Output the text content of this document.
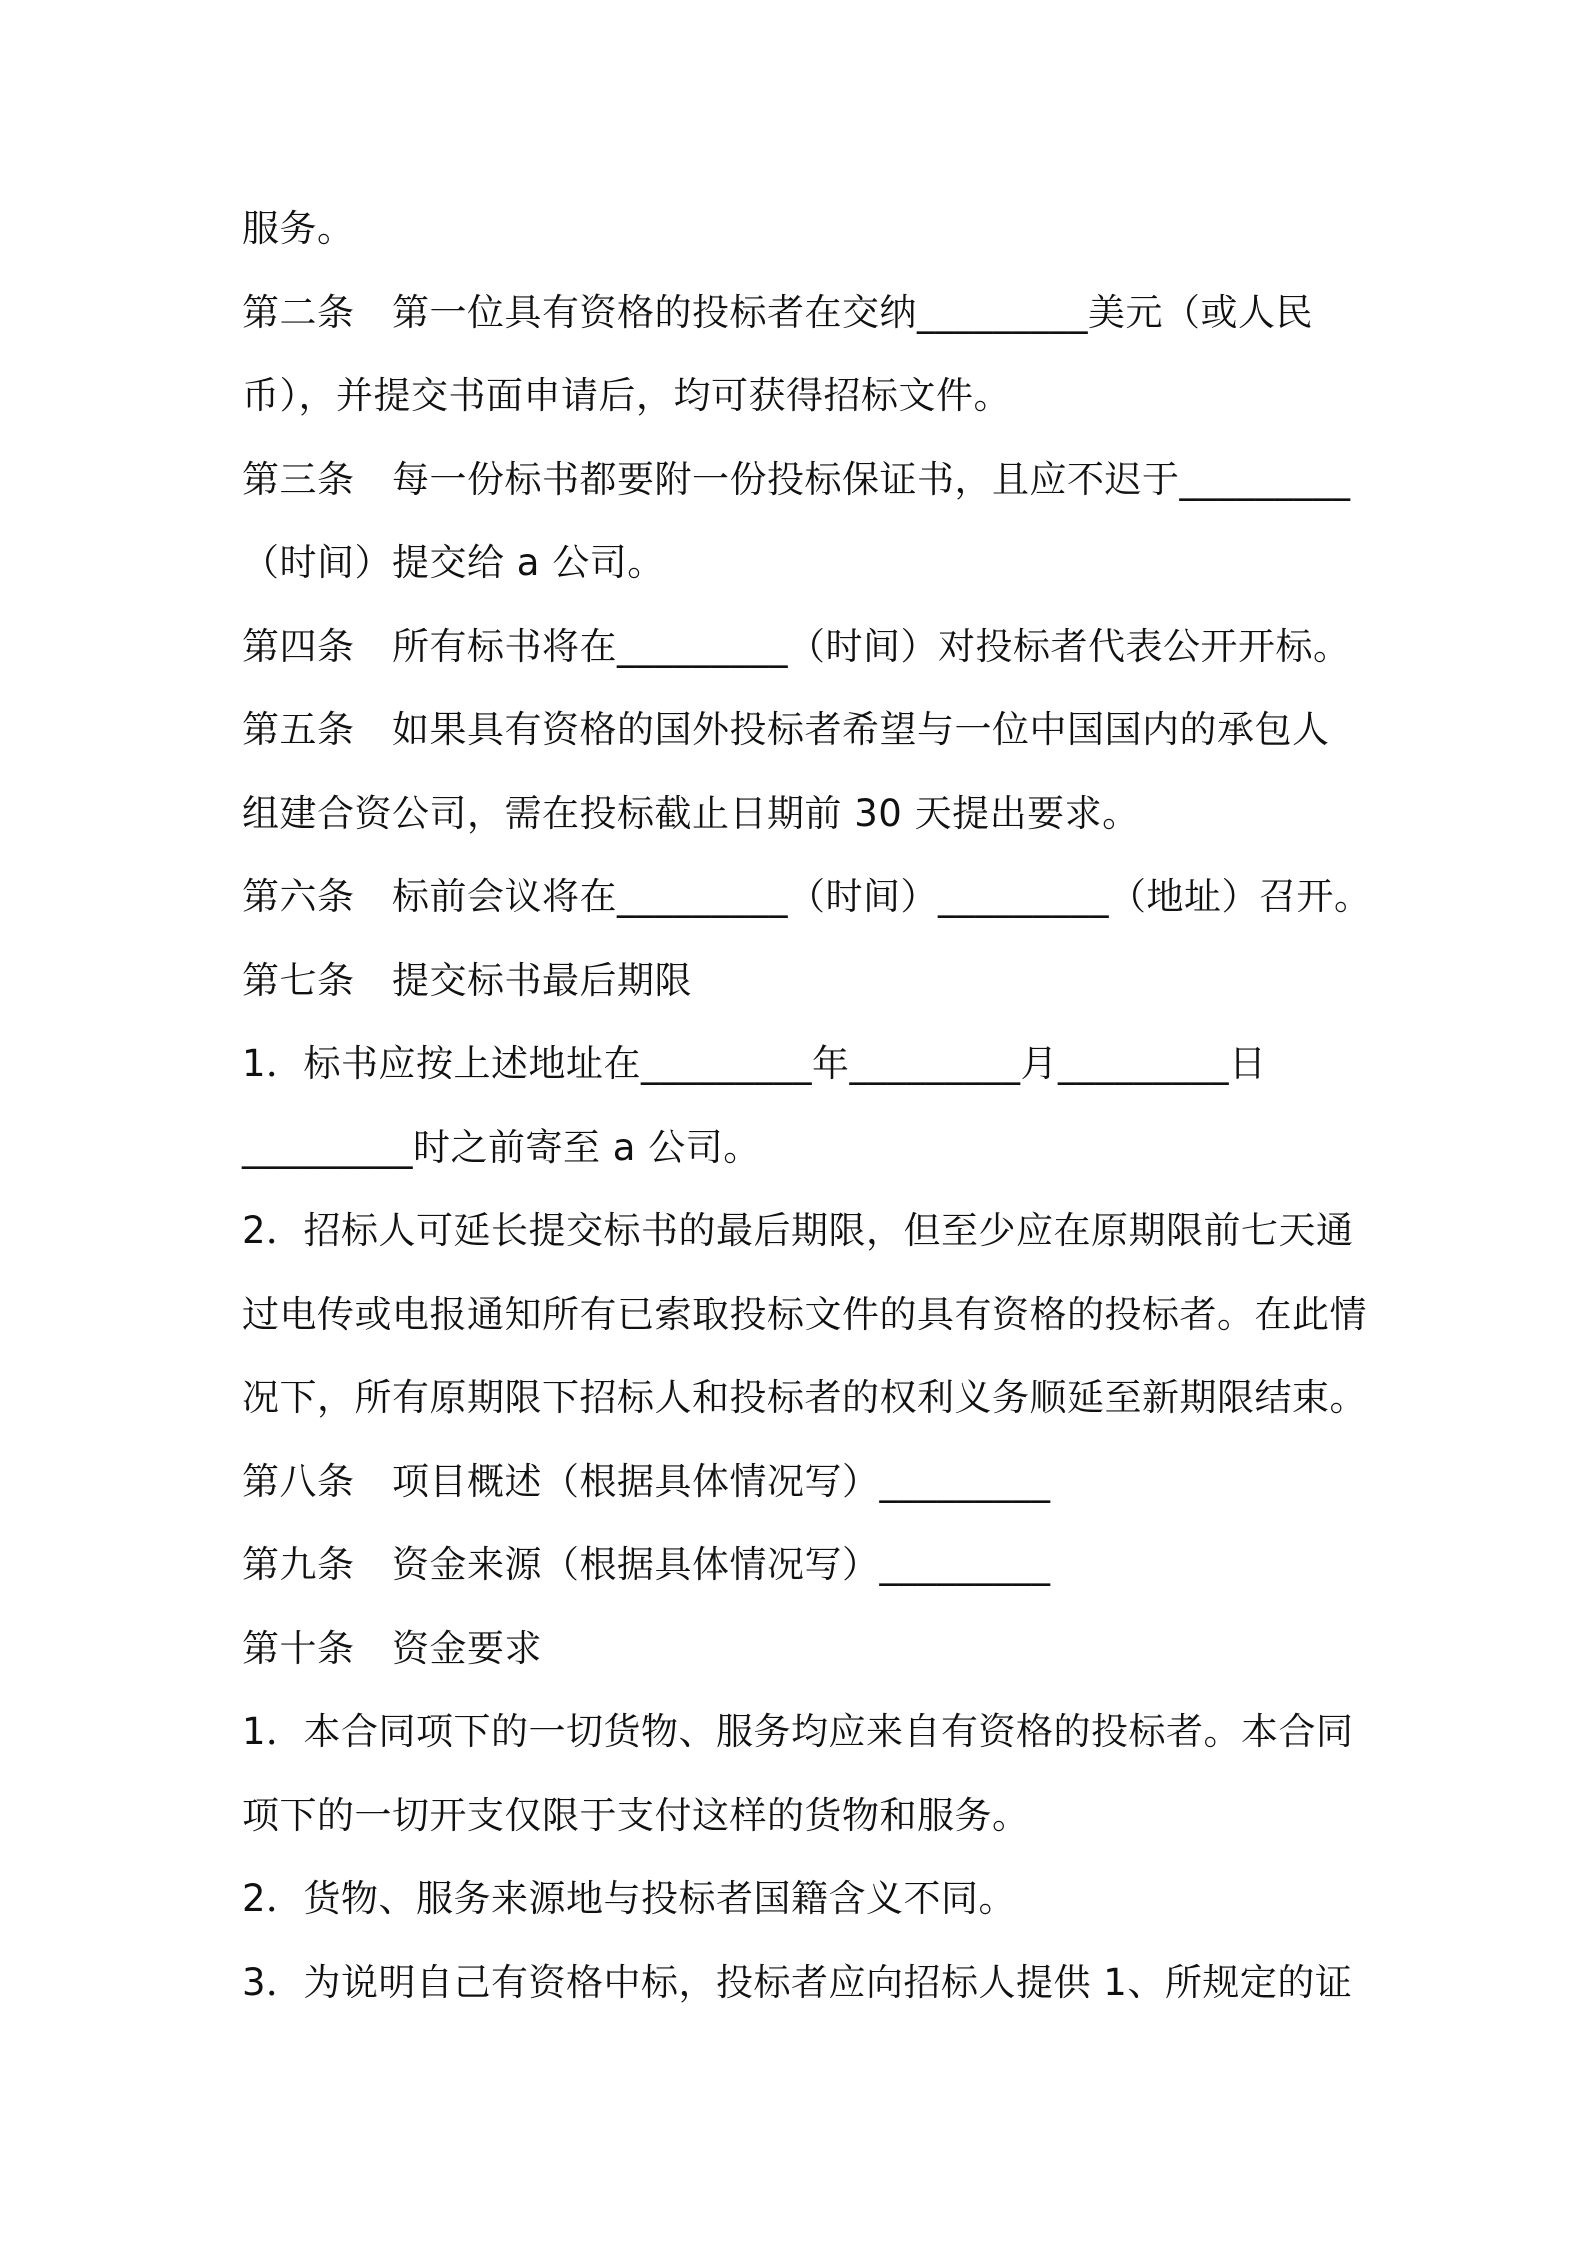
服务。
第二条　第一位具有资格的投标者在交纳_________美元（或人民
币），并提交书面申请后，均可获得招标文件。
第三条　每一份标书都要附一份投标保证书，且应不迟于_________
（时间）提交给 a 公司。
第四条　所有标书将在_________（时间）对投标者代表公开开标。
第五条　如果具有资格的国外投标者希望与一位中国国内的承包人
组建合资公司，需在投标截止日期前 30 天提出要求。
第六条　标前会议将在_________（时间）_________（地址）召开。
第七条　提交标书最后期限
1．标书应按上述地址在_________年_________月_________日
_________时之前寄至 a 公司。
2．招标人可延长提交标书的最后期限，但至少应在原期限前七天通
过电传或电报通知所有已索取投标文件的具有资格的投标者。在此情
况下，所有原期限下招标人和投标者的权利义务顺延至新期限结束。
第八条　项目概述（根据具体情况写）_________
第九条　资金来源（根据具体情况写）_________
第十条　资金要求
1．本合同项下的一切货物、服务均应来自有资格的投标者。本合同
项下的一切开支仅限于支付这样的货物和服务。
2．货物、服务来源地与投标者国籍含义不同。
3．为说明自己有资格中标，投标者应向招标人提供 1、所规定的证
